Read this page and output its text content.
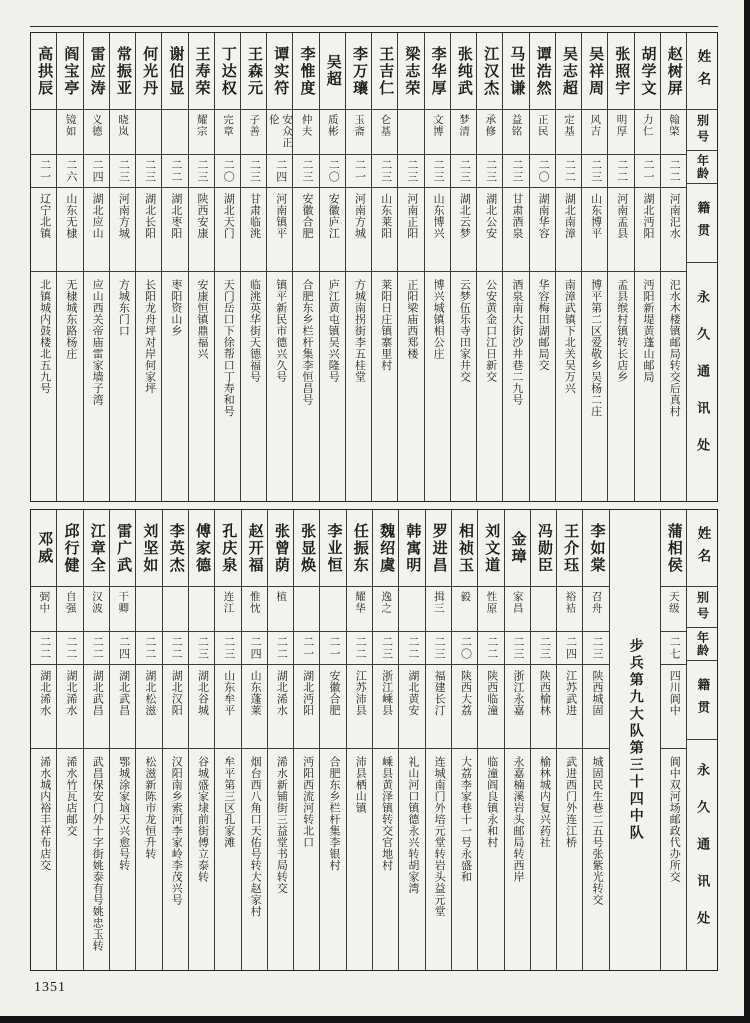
姓名
别号
年龄
籍贯
永久通讯处
赵树屏
翰棨
二二
河南汜水
汜水木楼镇邮局转交后真村
胡学文
力仁
二一
湖北沔阳
沔阳新堤黄蓬山邮局
张照宇
明厚
二二
河南孟县
孟县缑村镇转长店乡
吴祥周
风吉
二三
山东博平
博平第二区爱敬乡吴杨二庄
吴志超
定基
二二
湖北南漳
南漳武镇下北关吴万兴
谭浩然
正民
二〇
湖南华容
华容梅田湖邮局交
马世谦
益铭
二三
甘肃酒泉
酒泉南大街沙井巷二九号
江汉杰
承修
二三
湖北公安
公安黄金口江日新交
张纯武
梦清
二三
湖北云梦
云梦伍乐寺田家井交
李华厚
文博
二三
山东博兴
博兴城镇相公庄
梁志荣
二三
河南正阳
正阳梁庙西郑楼
王吉仁
仑基
二三
山东莱阳
莱阳日庄镇寨里村
李万瓖
玉斋
二一
河南方城
方城南拐街李五桂堂
吴超
质彬
二〇
安徽庐江
庐江黄屯镇吴兴隆号
李惟度
仲夫
二三
安徽合肥
合肥东乡栏杆集李恒昌号
谭实符
安众正伦
二四
河南镇平
镇平新民市德兴久号
王森元
子善
二三
甘肃临洮
临洮英华街天德福号
丁达权
完章
二〇
湖北天门
天门岳口下徐帮口丁寿和号
王寿荣
耀宗
二三
陕西安康
安康恒镇鼎福兴
谢伯显
二二
湖北枣阳
枣阳资山乡
何光丹
二三
湖北长阳
长阳龙舟坪对岸何家坪
常振亚
晓岚
二三
河南方城
方城东门口
雷应涛
义德
二四
湖北应山
应山西关帝庙雷家墙子湾
阎宝亭
镜如
二六
山东无棣
无棣城东路杨庄
高拱辰
二一
辽宁北镇
北镇城内鼓楼北五九号
姓名
别号
年龄
籍贯
永久通讯处
蒲相侯
天级
二七
四川阆中
阆中双河场邮政代办所交
步兵第九大队第三十四中队
李如棠
召舟
二三
陕西城固
城固民生巷二五号张紫光转交
王介珏
裕袺
二四
江苏武进
武进西门外连江桥
冯勋臣
二三
陕西榆林
榆林城内复兴药社
金璋
家昌
二三
浙江永嘉
永嘉楠溪岩头邮局转西岸
刘文道
性原
二二
陕西临潼
临潼阎良镇永和村
相祯玉
毅
二〇
陕西大荔
大荔李家巷十一号永盛和
罗进昌
揖三
二三
福建长汀
连城南门外培元堂转岩头益元堂
韩寓明
二二
湖北黄安
礼山河口镇德永兴转胡家湾
魏绍虞
逸之
二三
浙江嵊县
嵊县黄泽镇转交官地村
任振东
耀华
二二
江苏沛县
沛县栖山镇
李业恒
二一
安徽合肥
合肥东乡栏杆集李银村
张显焕
二一
湖北沔阳
沔阳西流河转北口
张曾荫
植
二二
湖北浠水
浠水新铺街三益堂书局转交
赵开福
惟忱
二四
山东蓬莱
烟台西八角口天佑号转大赵家村
孔庆泉
连江
二三
山东牟平
牟平第三区孔家滩
傅家德
二三
湖北谷城
谷城盛家埭前街傅立泰转
李英杰
二二
湖北汉阳
汉阳南乡索河李家岭李茂兴号
刘坚如
二二
湖北松滋
松滋新陈市龙恒升转
雷广武
干卿
二四
湖北武昌
鄂城涂家垴天兴愈号转
江章全
汉波
二二
湖北武昌
武昌保安门外十字街姚泰有号姚忠玉转
邱行健
自强
二二
湖北浠水
浠水竹瓦店邮交
邓威
弼中
二二
湖北浠水
浠水城内裕丰祥布店交
1351
